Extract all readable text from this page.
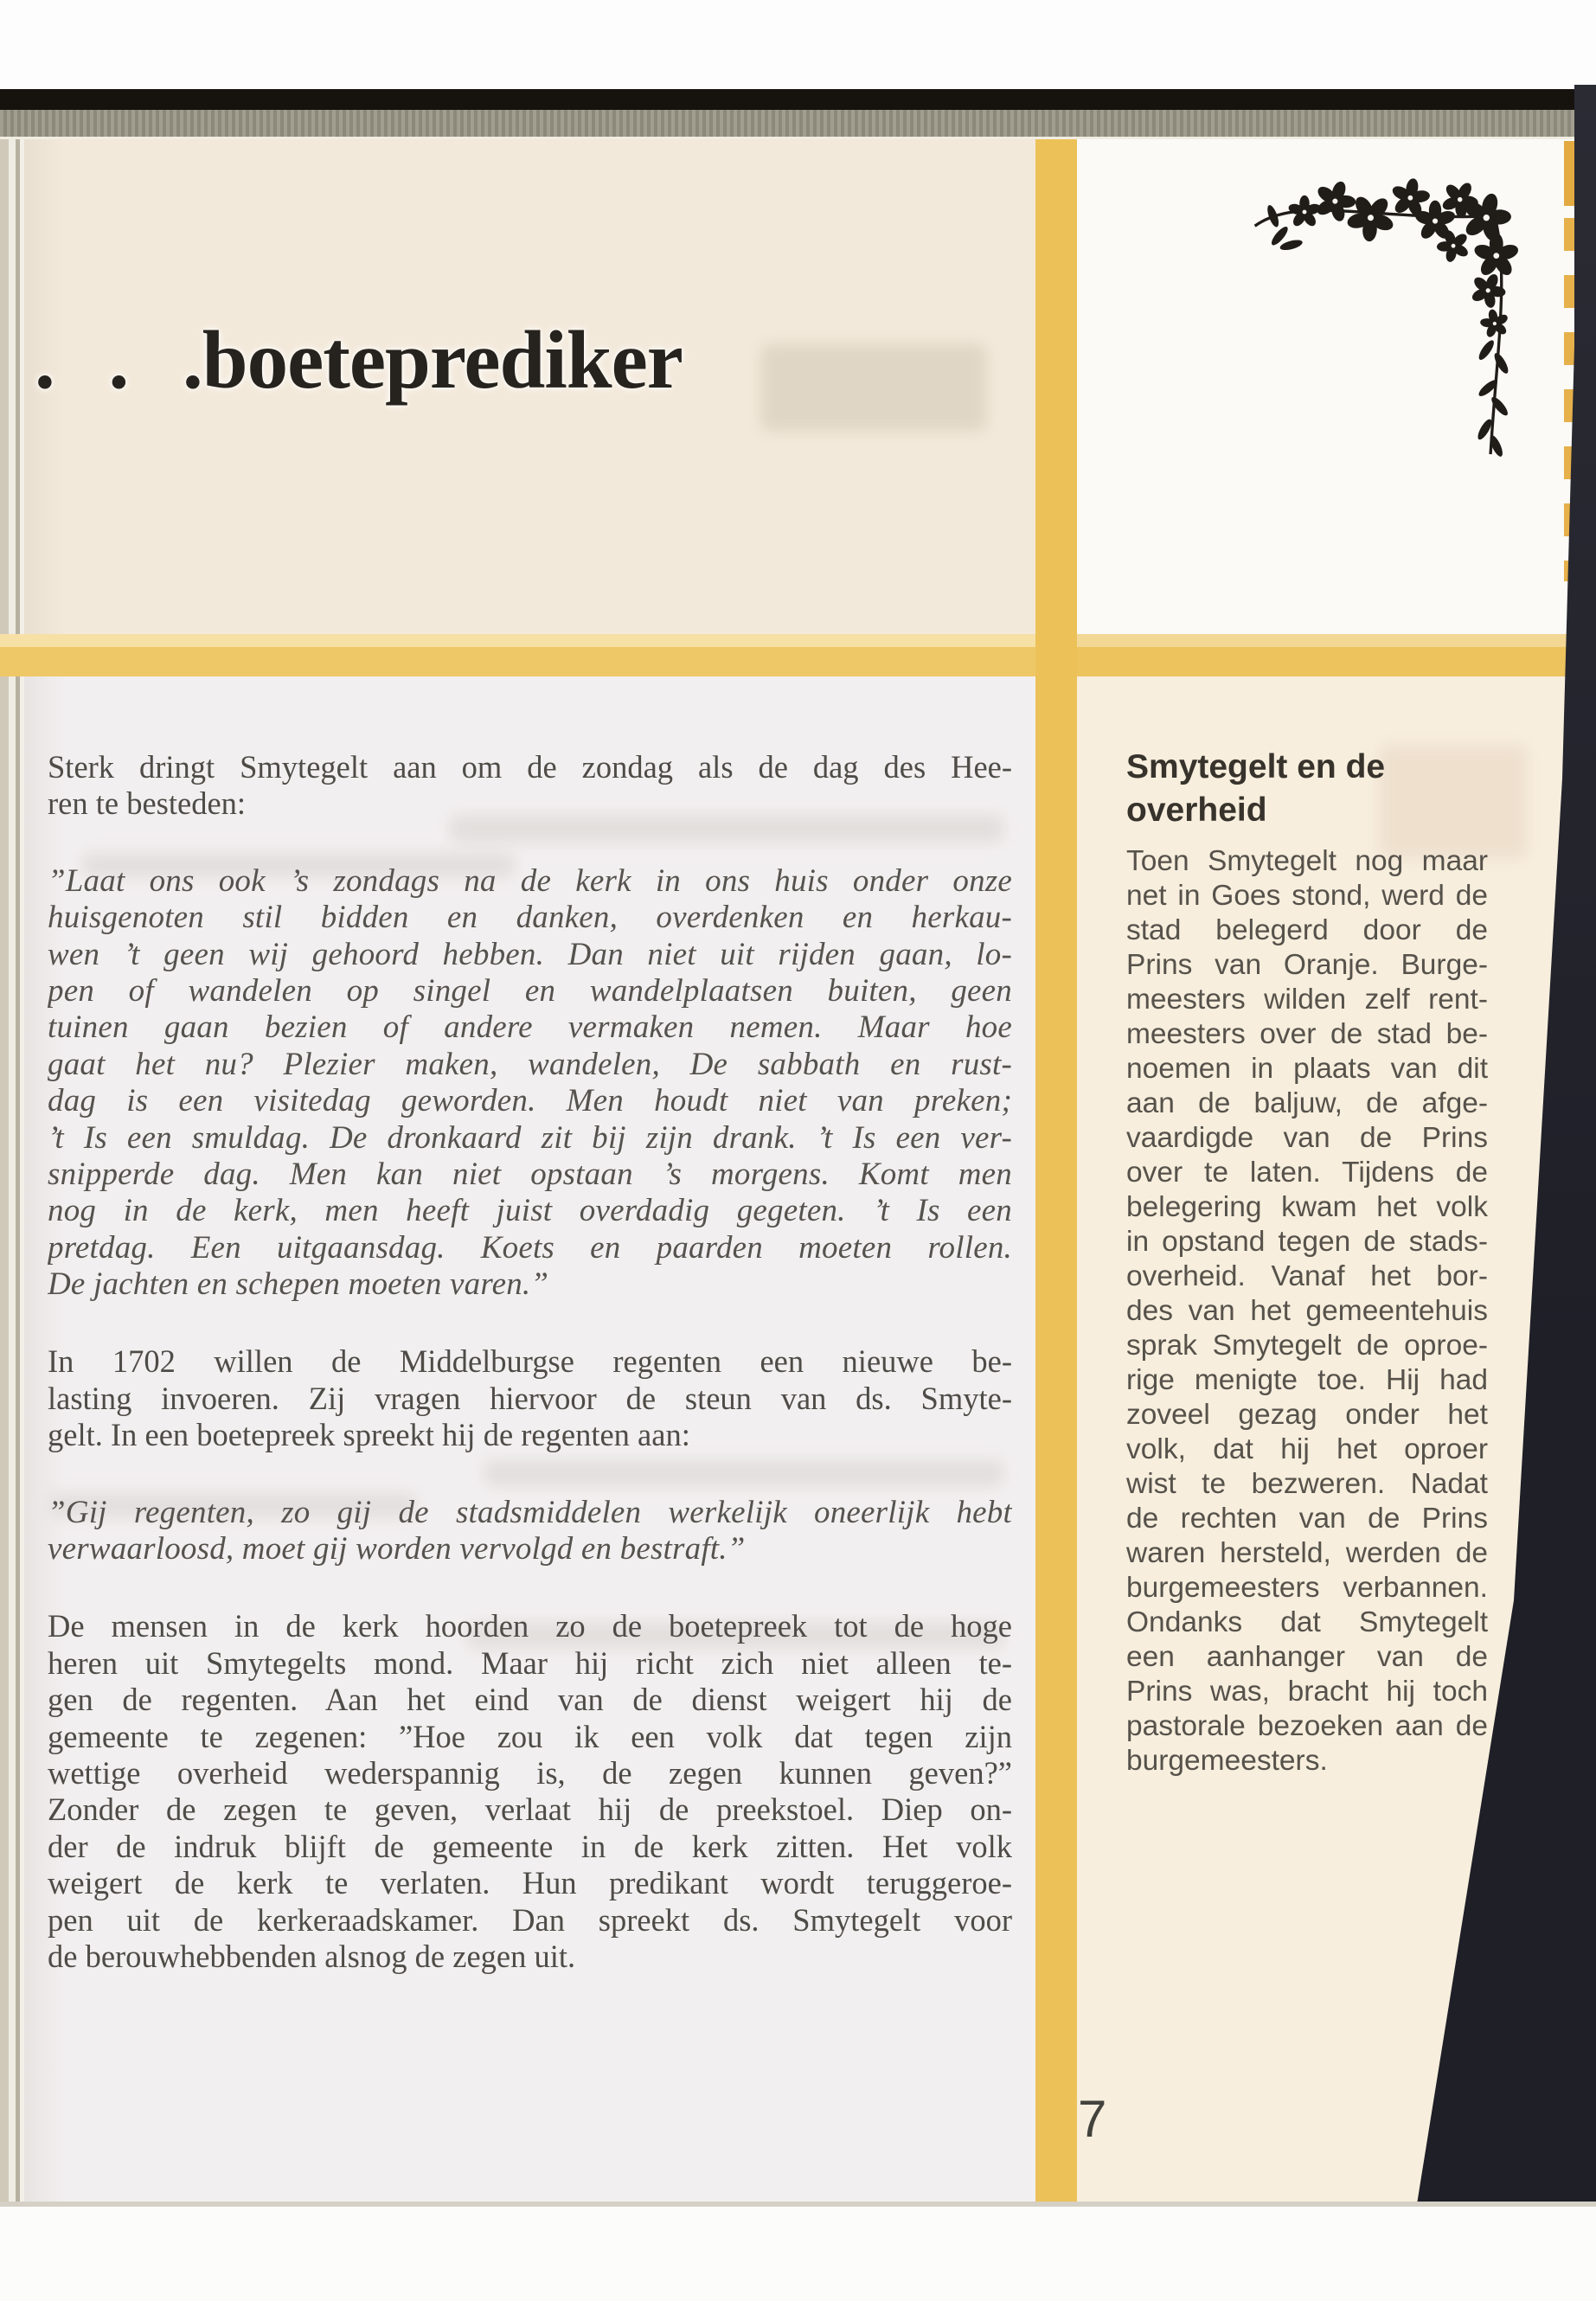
. . .boeteprediker
Sterk dringt Smytegelt aan om de zondag als de dag des Hee-
ren te besteden:
”Laat ons ook ’s zondags na de kerk in ons huis onder onze
huisgenoten stil bidden en danken, overdenken en herkau-
wen ’t geen wij gehoord hebben. Dan niet uit rijden gaan, lo-
pen of wandelen op singel en wandelplaatsen buiten, geen
tuinen gaan bezien of andere vermaken nemen. Maar hoe
gaat het nu? Plezier maken, wandelen, De sabbath en rust-
dag is een visitedag geworden. Men houdt niet van preken;
’t Is een smuldag. De dronkaard zit bij zijn drank. ’t Is een ver-
snipperde dag. Men kan niet opstaan ’s morgens. Komt men
nog in de kerk, men heeft juist overdadig gegeten. ’t Is een
pretdag. Een uitgaansdag. Koets en paarden moeten rollen.
De jachten en schepen moeten varen.”
In 1702 willen de Middelburgse regenten een nieuwe be-
lasting invoeren. Zij vragen hiervoor de steun van ds. Smyte-
gelt. In een boetepreek spreekt hij de regenten aan:
”Gij regenten, zo gij de stadsmiddelen werkelijk oneerlijk hebt
verwaarloosd, moet gij worden vervolgd en bestraft.”
De mensen in de kerk hoorden zo de boetepreek tot de hoge
heren uit Smytegelts mond. Maar hij richt zich niet alleen te-
gen de regenten. Aan het eind van de dienst weigert hij de
gemeente te zegenen: ”Hoe zou ik een volk dat tegen zijn
wettige overheid wederspannig is, de zegen kunnen geven?”
Zonder de zegen te geven, verlaat hij de preekstoel. Diep on-
der de indruk blijft de gemeente in de kerk zitten. Het volk
weigert de kerk te verlaten. Hun predikant wordt teruggeroe-
pen uit de kerkeraadskamer. Dan spreekt ds. Smytegelt voor
de berouwhebbenden alsnog de zegen uit.
Smytegelt en de
overheid
Toen Smytegelt nog maar
net in Goes stond, werd de
stad belegerd door de
Prins van Oranje. Burge-
meesters wilden zelf rent-
meesters over de stad be-
noemen in plaats van dit
aan de baljuw, de afge-
vaardigde van de Prins
over te laten. Tijdens de
belegering kwam het volk
in opstand tegen de stads-
overheid. Vanaf het bor-
des van het gemeentehuis
sprak Smytegelt de oproe-
rige menigte toe. Hij had
zoveel gezag onder het
volk, dat hij het oproer
wist te bezweren. Nadat
de rechten van de Prins
waren hersteld, werden de
burgemeesters verbannen.
Ondanks dat Smytegelt
een aanhanger van de
Prins was, bracht hij toch
pastorale bezoeken aan de
burgemeesters.
7
